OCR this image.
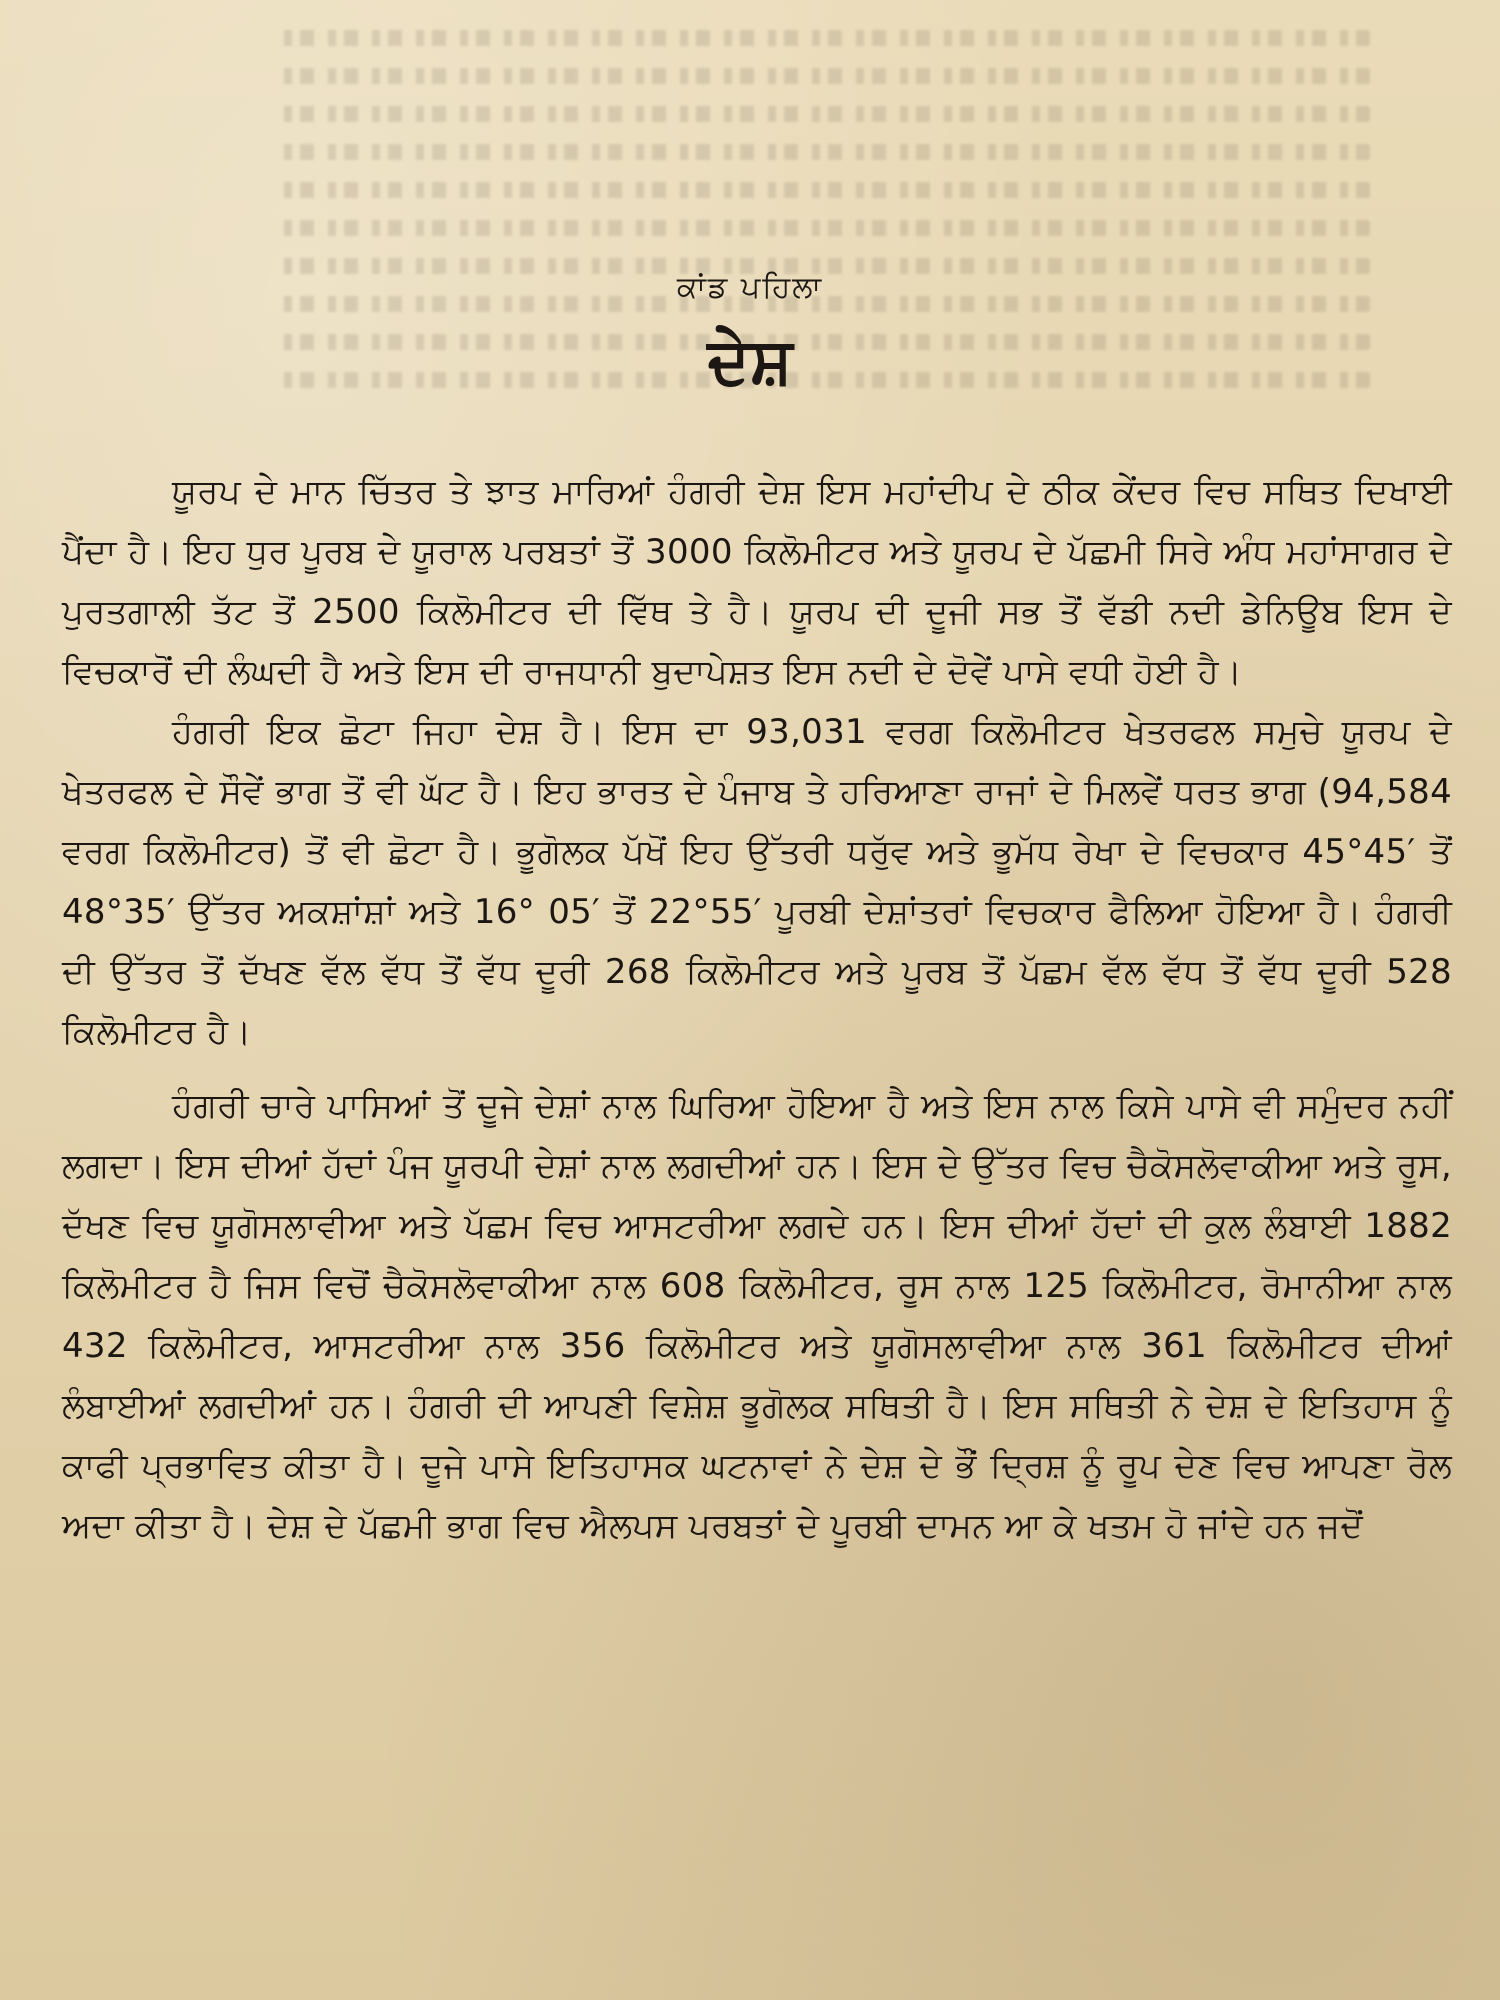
ਕਾਂਡ ਪਹਿਲਾ
ਦੇਸ਼

ਯੂਰਪ ਦੇ ਮਾਨ ਚਿੱਤਰ ਤੇ ਝਾਤ ਮਾਰਿਆਂ ਹੰਗਰੀ ਦੇਸ਼ ਇਸ ਮਹਾਂਦੀਪ ਦੇ ਠੀਕ ਕੇਂਦਰ ਵਿਚ ਸਥਿਤ ਦਿਖਾਈ ਪੈਂਦਾ ਹੈ। ਇਹ ਧੁਰ ਪੂਰਬ ਦੇ ਯੂਰਾਲ ਪਰਬਤਾਂ ਤੋਂ 3000 ਕਿਲੋਮੀਟਰ ਅਤੇ ਯੂਰਪ ਦੇ ਪੱਛਮੀ ਸਿਰੇ ਅੰਧ ਮਹਾਂਸਾਗਰ ਦੇ ਪੁਰਤਗਾਲੀ ਤੱਟ ਤੋਂ 2500 ਕਿਲੋਮੀਟਰ ਦੀ ਵਿੱਥ ਤੇ ਹੈ। ਯੂਰਪ ਦੀ ਦੂਜੀ ਸਭ ਤੋਂ ਵੱਡੀ ਨਦੀ ਡੇਨਿਊਬ ਇਸ ਦੇ ਵਿਚਕਾਰੋਂ ਦੀ ਲੰਘਦੀ ਹੈ ਅਤੇ ਇਸ ਦੀ ਰਾਜਧਾਨੀ ਬੁਦਾਪੇਸ਼ਤ ਇਸ ਨਦੀ ਦੇ ਦੋਵੇਂ ਪਾਸੇ ਵਧੀ ਹੋਈ ਹੈ।

ਹੰਗਰੀ ਇਕ ਛੋਟਾ ਜਿਹਾ ਦੇਸ਼ ਹੈ। ਇਸ ਦਾ 93,031 ਵਰਗ ਕਿਲੋਮੀਟਰ ਖੇਤਰਫਲ ਸਮੁਚੇ ਯੂਰਪ ਦੇ ਖੇਤਰਫਲ ਦੇ ਸੌਵੇਂ ਭਾਗ ਤੋਂ ਵੀ ਘੱਟ ਹੈ। ਇਹ ਭਾਰਤ ਦੇ ਪੰਜਾਬ ਤੇ ਹਰਿਆਣਾ ਰਾਜਾਂ ਦੇ ਮਿਲਵੇਂ ਧਰਤ ਭਾਗ (94,584 ਵਰਗ ਕਿਲੋਮੀਟਰ) ਤੋਂ ਵੀ ਛੋਟਾ ਹੈ। ਭੂਗੋਲਕ ਪੱਖੋਂ ਇਹ ਉੱਤਰੀ ਧਰੁੱਵ ਅਤੇ ਭੂਮੱਧ ਰੇਖਾ ਦੇ ਵਿਚਕਾਰ 45°45′ ਤੋਂ 48°35′ ਉੱਤਰ ਅਕਸ਼ਾਂਸ਼ਾਂ ਅਤੇ 16° 05′ ਤੋਂ 22°55′ ਪੂਰਬੀ ਦੇਸ਼ਾਂਤਰਾਂ ਵਿਚਕਾਰ ਫੈਲਿਆ ਹੋਇਆ ਹੈ। ਹੰਗਰੀ ਦੀ ਉੱਤਰ ਤੋਂ ਦੱਖਣ ਵੱਲ ਵੱਧ ਤੋਂ ਵੱਧ ਦੂਰੀ 268 ਕਿਲੋਮੀਟਰ ਅਤੇ ਪੂਰਬ ਤੋਂ ਪੱਛਮ ਵੱਲ ਵੱਧ ਤੋਂ ਵੱਧ ਦੂਰੀ 528 ਕਿਲੋਮੀਟਰ ਹੈ।

ਹੰਗਰੀ ਚਾਰੇ ਪਾਸਿਆਂ ਤੋਂ ਦੂਜੇ ਦੇਸ਼ਾਂ ਨਾਲ ਘਿਰਿਆ ਹੋਇਆ ਹੈ ਅਤੇ ਇਸ ਨਾਲ ਕਿਸੇ ਪਾਸੇ ਵੀ ਸਮੁੰਦਰ ਨਹੀਂ ਲਗਦਾ। ਇਸ ਦੀਆਂ ਹੱਦਾਂ ਪੰਜ ਯੂਰਪੀ ਦੇਸ਼ਾਂ ਨਾਲ ਲਗਦੀਆਂ ਹਨ। ਇਸ ਦੇ ਉੱਤਰ ਵਿਚ ਚੈਕੋਸਲੋਵਾਕੀਆ ਅਤੇ ਰੂਸ, ਦੱਖਣ ਵਿਚ ਯੂਗੋਸਲਾਵੀਆ ਅਤੇ ਪੱਛਮ ਵਿਚ ਆਸਟਰੀਆ ਲਗਦੇ ਹਨ। ਇਸ ਦੀਆਂ ਹੱਦਾਂ ਦੀ ਕੁਲ ਲੰਬਾਈ 1882 ਕਿਲੋਮੀਟਰ ਹੈ ਜਿਸ ਵਿਚੋਂ ਚੈਕੋਸਲੋਵਾਕੀਆ ਨਾਲ 608 ਕਿਲੋਮੀਟਰ, ਰੂਸ ਨਾਲ 125 ਕਿਲੋਮੀਟਰ, ਰੋਮਾਨੀਆ ਨਾਲ 432 ਕਿਲੋਮੀਟਰ, ਆਸਟਰੀਆ ਨਾਲ 356 ਕਿਲੋਮੀਟਰ ਅਤੇ ਯੂਗੋਸਲਾਵੀਆ ਨਾਲ 361 ਕਿਲੋਮੀਟਰ ਦੀਆਂ ਲੰਬਾਈਆਂ ਲਗਦੀਆਂ ਹਨ। ਹੰਗਰੀ ਦੀ ਆਪਣੀ ਵਿਸ਼ੇਸ਼ ਭੂਗੋਲਕ ਸਥਿਤੀ ਹੈ। ਇਸ ਸਥਿਤੀ ਨੇ ਦੇਸ਼ ਦੇ ਇਤਿਹਾਸ ਨੂੰ ਕਾਫੀ ਪ੍ਰਭਾਵਿਤ ਕੀਤਾ ਹੈ। ਦੂਜੇ ਪਾਸੇ ਇਤਿਹਾਸਕ ਘਟਨਾਵਾਂ ਨੇ ਦੇਸ਼ ਦੇ ਭੌਂ ਦ੍ਰਿਸ਼ ਨੂੰ ਰੂਪ ਦੇਣ ਵਿਚ ਆਪਣਾ ਰੋਲ ਅਦਾ ਕੀਤਾ ਹੈ। ਦੇਸ਼ ਦੇ ਪੱਛਮੀ ਭਾਗ ਵਿਚ ਐਲਪਸ ਪਰਬਤਾਂ ਦੇ ਪੂਰਬੀ ਦਾਮਨ ਆ ਕੇ ਖਤਮ ਹੋ ਜਾਂਦੇ ਹਨ ਜਦੋਂ
